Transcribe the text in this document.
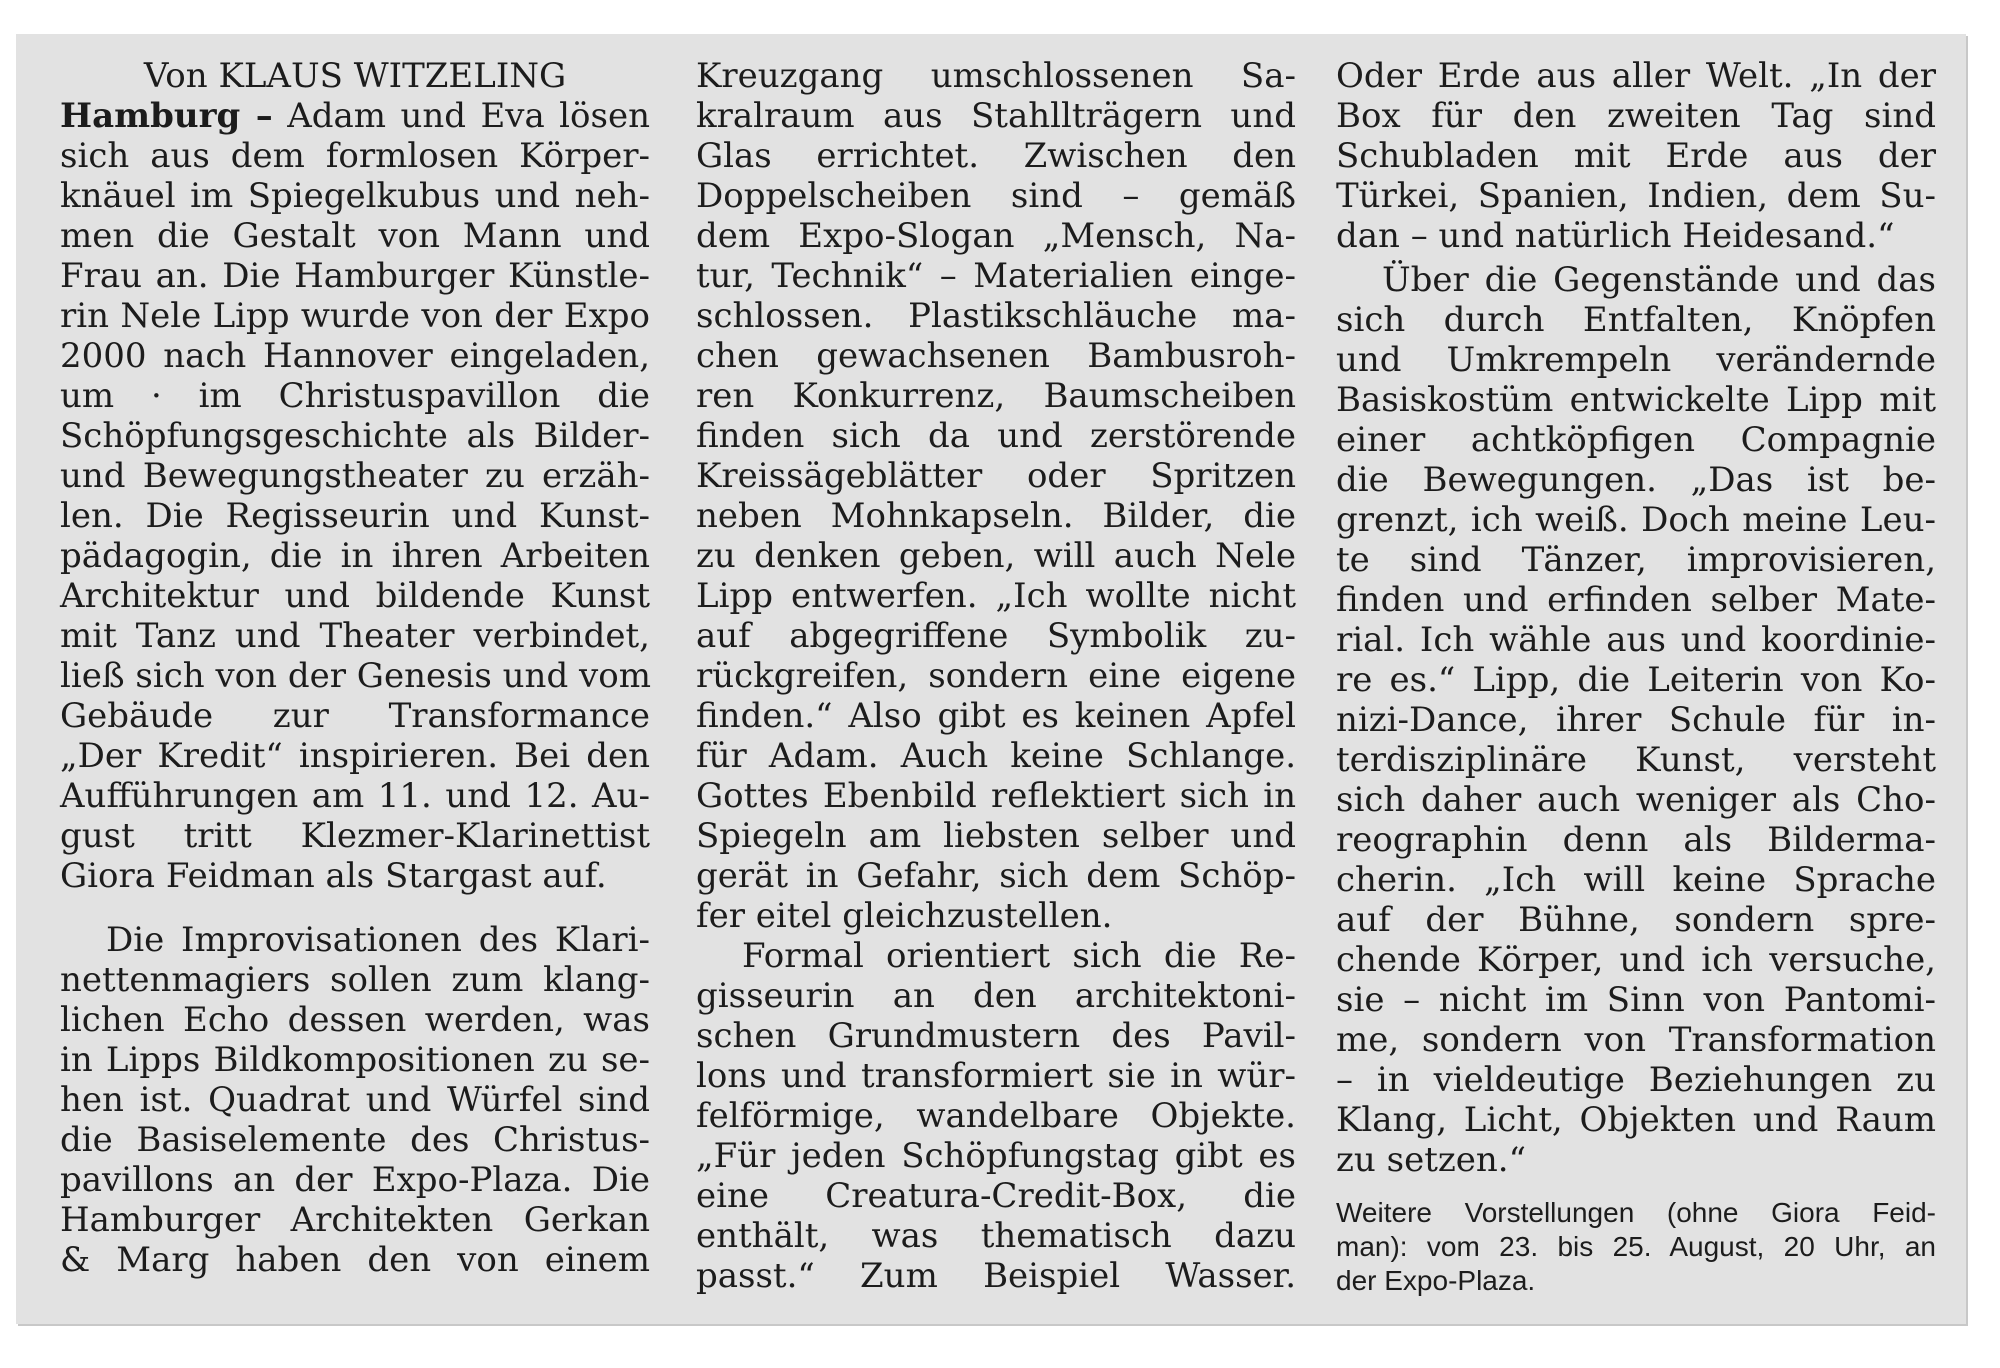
Von KLAUS WITZELING
Hamburg – Adam und Eva lösen
sich aus dem formlosen Körper-
knäuel im Spiegelkubus und neh-
men die Gestalt von Mann und
Frau an. Die Hamburger Künstle-
rin Nele Lipp wurde von der Expo
2000 nach Hannover eingeladen,
um · im Christuspavillon die
Schöpfungsgeschichte als Bilder-
und Bewegungstheater zu erzäh-
len. Die Regisseurin und Kunst-
pädagogin, die in ihren Arbeiten
Architektur und bildende Kunst
mit Tanz und Theater verbindet,
ließ sich von der Genesis und vom
Gebäude zur Transformance
„Der Kredit“ inspirieren. Bei den
Aufführungen am 11. und 12. Au-
gust tritt Klezmer-Klarinettist
Giora Feidman als Stargast auf.
Die Improvisationen des Klari-
nettenmagiers sollen zum klang-
lichen Echo dessen werden, was
in Lipps Bildkompositionen zu se-
hen ist. Quadrat und Würfel sind
die Basiselemente des Christus-
pavillons an der Expo-Plaza. Die
Hamburger Architekten Gerkan
& Marg haben den von einem
Kreuzgang umschlossenen Sa-
kralraum aus Stahllträgern und
Glas errichtet. Zwischen den
Doppelscheiben sind – gemäß
dem Expo-Slogan „Mensch, Na-
tur, Technik“ – Materialien einge-
schlossen. Plastikschläuche ma-
chen gewachsenen Bambusroh-
ren Konkurrenz, Baumscheiben
finden sich da und zerstörende
Kreissägeblätter oder Spritzen
neben Mohnkapseln. Bilder, die
zu denken geben, will auch Nele
Lipp entwerfen. „Ich wollte nicht
auf abgegriffene Symbolik zu-
rückgreifen, sondern eine eigene
finden.“ Also gibt es keinen Apfel
für Adam. Auch keine Schlange.
Gottes Ebenbild reflektiert sich in
Spiegeln am liebsten selber und
gerät in Gefahr, sich dem Schöp-
fer eitel gleichzustellen.
Formal orientiert sich die Re-
gisseurin an den architektoni-
schen Grundmustern des Pavil-
lons und transformiert sie in wür-
felförmige, wandelbare Objekte.
„Für jeden Schöpfungstag gibt es
eine Creatura-Credit-Box, die
enthält, was thematisch dazu
passt.“ Zum Beispiel Wasser.
Oder Erde aus aller Welt. „In der
Box für den zweiten Tag sind
Schubladen mit Erde aus der
Türkei, Spanien, Indien, dem Su-
dan – und natürlich Heidesand.“
Über die Gegenstände und das
sich durch Entfalten, Knöpfen
und Umkrempeln verändernde
Basiskostüm entwickelte Lipp mit
einer achtköpfigen Compagnie
die Bewegungen. „Das ist be-
grenzt, ich weiß. Doch meine Leu-
te sind Tänzer, improvisieren,
finden und erfinden selber Mate-
rial. Ich wähle aus und koordinie-
re es.“ Lipp, die Leiterin von Ko-
nizi-Dance, ihrer Schule für in-
terdisziplinäre Kunst, versteht
sich daher auch weniger als Cho-
reographin denn als Bilderma-
cherin. „Ich will keine Sprache
auf der Bühne, sondern spre-
chende Körper, und ich versuche,
sie – nicht im Sinn von Pantomi-
me, sondern von Transformation
– in vieldeutige Beziehungen zu
Klang, Licht, Objekten und Raum
zu setzen.“
Weitere Vorstellungen (ohne Giora Feid-
man): vom 23. bis 25. August, 20 Uhr, an
der Expo-Plaza.
